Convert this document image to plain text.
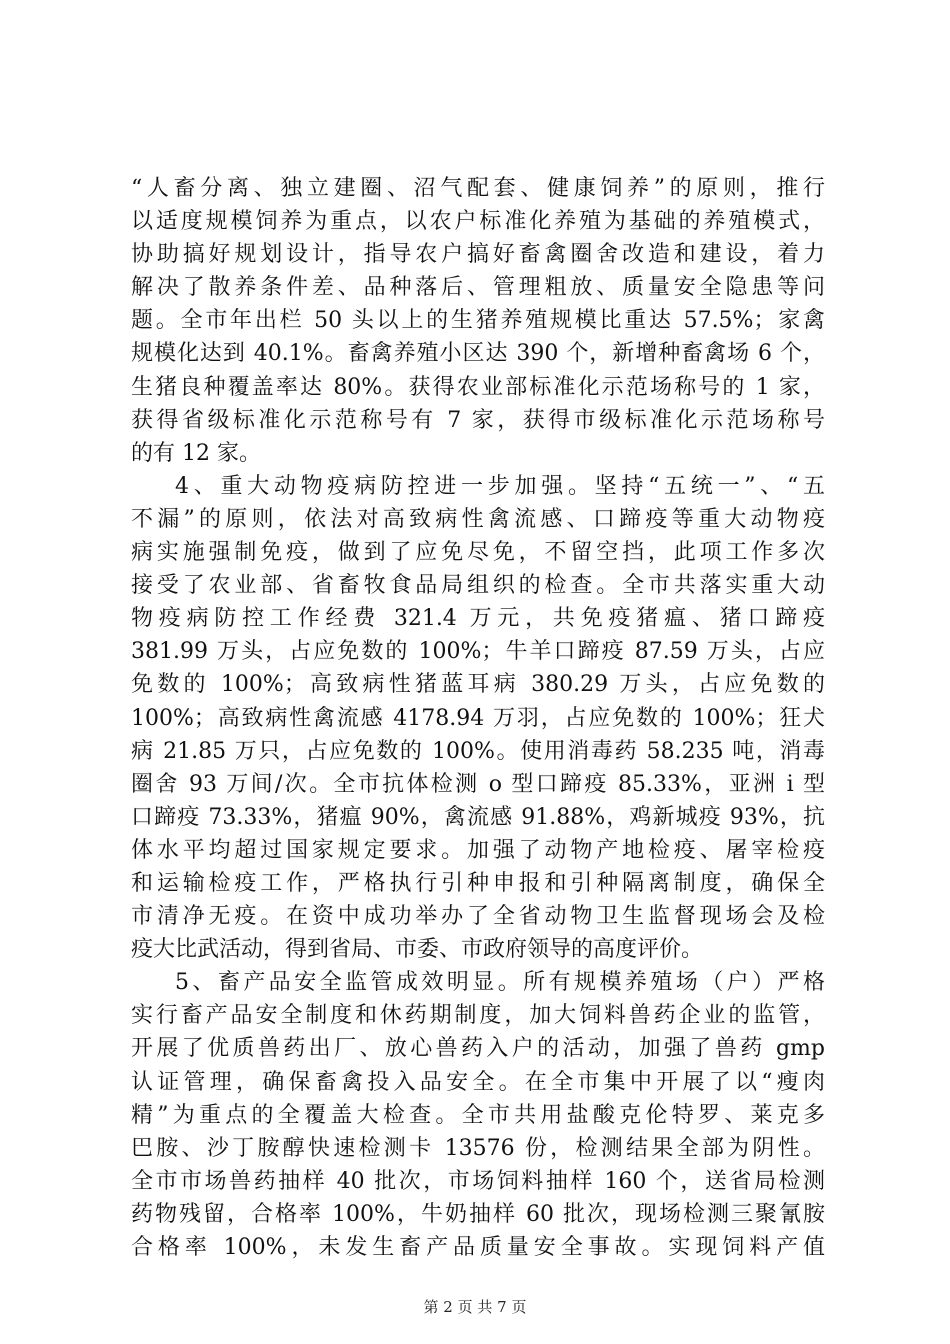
“人畜分离、独立建圈、沼气配套、健康饲养”的原则，推行
以适度规模饲养为重点，以农户标准化养殖为基础的养殖模式，
协助搞好规划设计，指导农户搞好畜禽圈舍改造和建设，着力
解决了散养条件差、品种落后、管理粗放、质量安全隐患等问
题。全市年出栏 50 头以上的生猪养殖规模比重达 57.5%；家禽
规模化达到 40.1%。畜禽养殖小区达 390 个，新增种畜禽场 6 个，
生猪良种覆盖率达 80%。获得农业部标准化示范场称号的 1 家，
获得省级标准化示范称号有 7 家，获得市级标准化示范场称号
的有 12 家。
4、重大动物疫病防控进一步加强。坚持“五统一”、“五
不漏”的原则，依法对高致病性禽流感、口蹄疫等重大动物疫
病实施强制免疫，做到了应免尽免，不留空挡，此项工作多次
接受了农业部、省畜牧食品局组织的检查。全市共落实重大动
物疫病防控工作经费 321.4 万元，共免疫猪瘟、猪口蹄疫
381.99 万头，占应免数的 100%；牛羊口蹄疫 87.59 万头，占应
免数的 100%；高致病性猪蓝耳病 380.29 万头，占应免数的
100%；高致病性禽流感 4178.94 万羽，占应免数的 100%；狂犬
病 21.85 万只，占应免数的 100%。使用消毒药 58.235 吨，消毒
圈舍 93 万间/次。全市抗体检测 o 型口蹄疫 85.33%，亚洲 i 型
口蹄疫 73.33%，猪瘟 90%，禽流感 91.88%，鸡新城疫 93%，抗
体水平均超过国家规定要求。加强了动物产地检疫、屠宰检疫
和运输检疫工作，严格执行引种申报和引种隔离制度，确保全
市清净无疫。在资中成功举办了全省动物卫生监督现场会及检
疫大比武活动，得到省局、市委、市政府领导的高度评价。
5、畜产品安全监管成效明显。所有规模养殖场（户）严格
实行畜产品安全制度和休药期制度，加大饲料兽药企业的监管，
开展了优质兽药出厂、放心兽药入户的活动，加强了兽药 gmp
认证管理，确保畜禽投入品安全。在全市集中开展了以“瘦肉
精”为重点的全覆盖大检查。全市共用盐酸克伦特罗、莱克多
巴胺、沙丁胺醇快速检测卡 13576 份，检测结果全部为阴性。
全市市场兽药抽样 40 批次，市场饲料抽样 160 个，送省局检测
药物残留，合格率 100%，牛奶抽样 60 批次，现场检测三聚氰胺
合格率 100%，未发生畜产品质量安全事故。实现饲料产值
第 2 页 共 7 页
